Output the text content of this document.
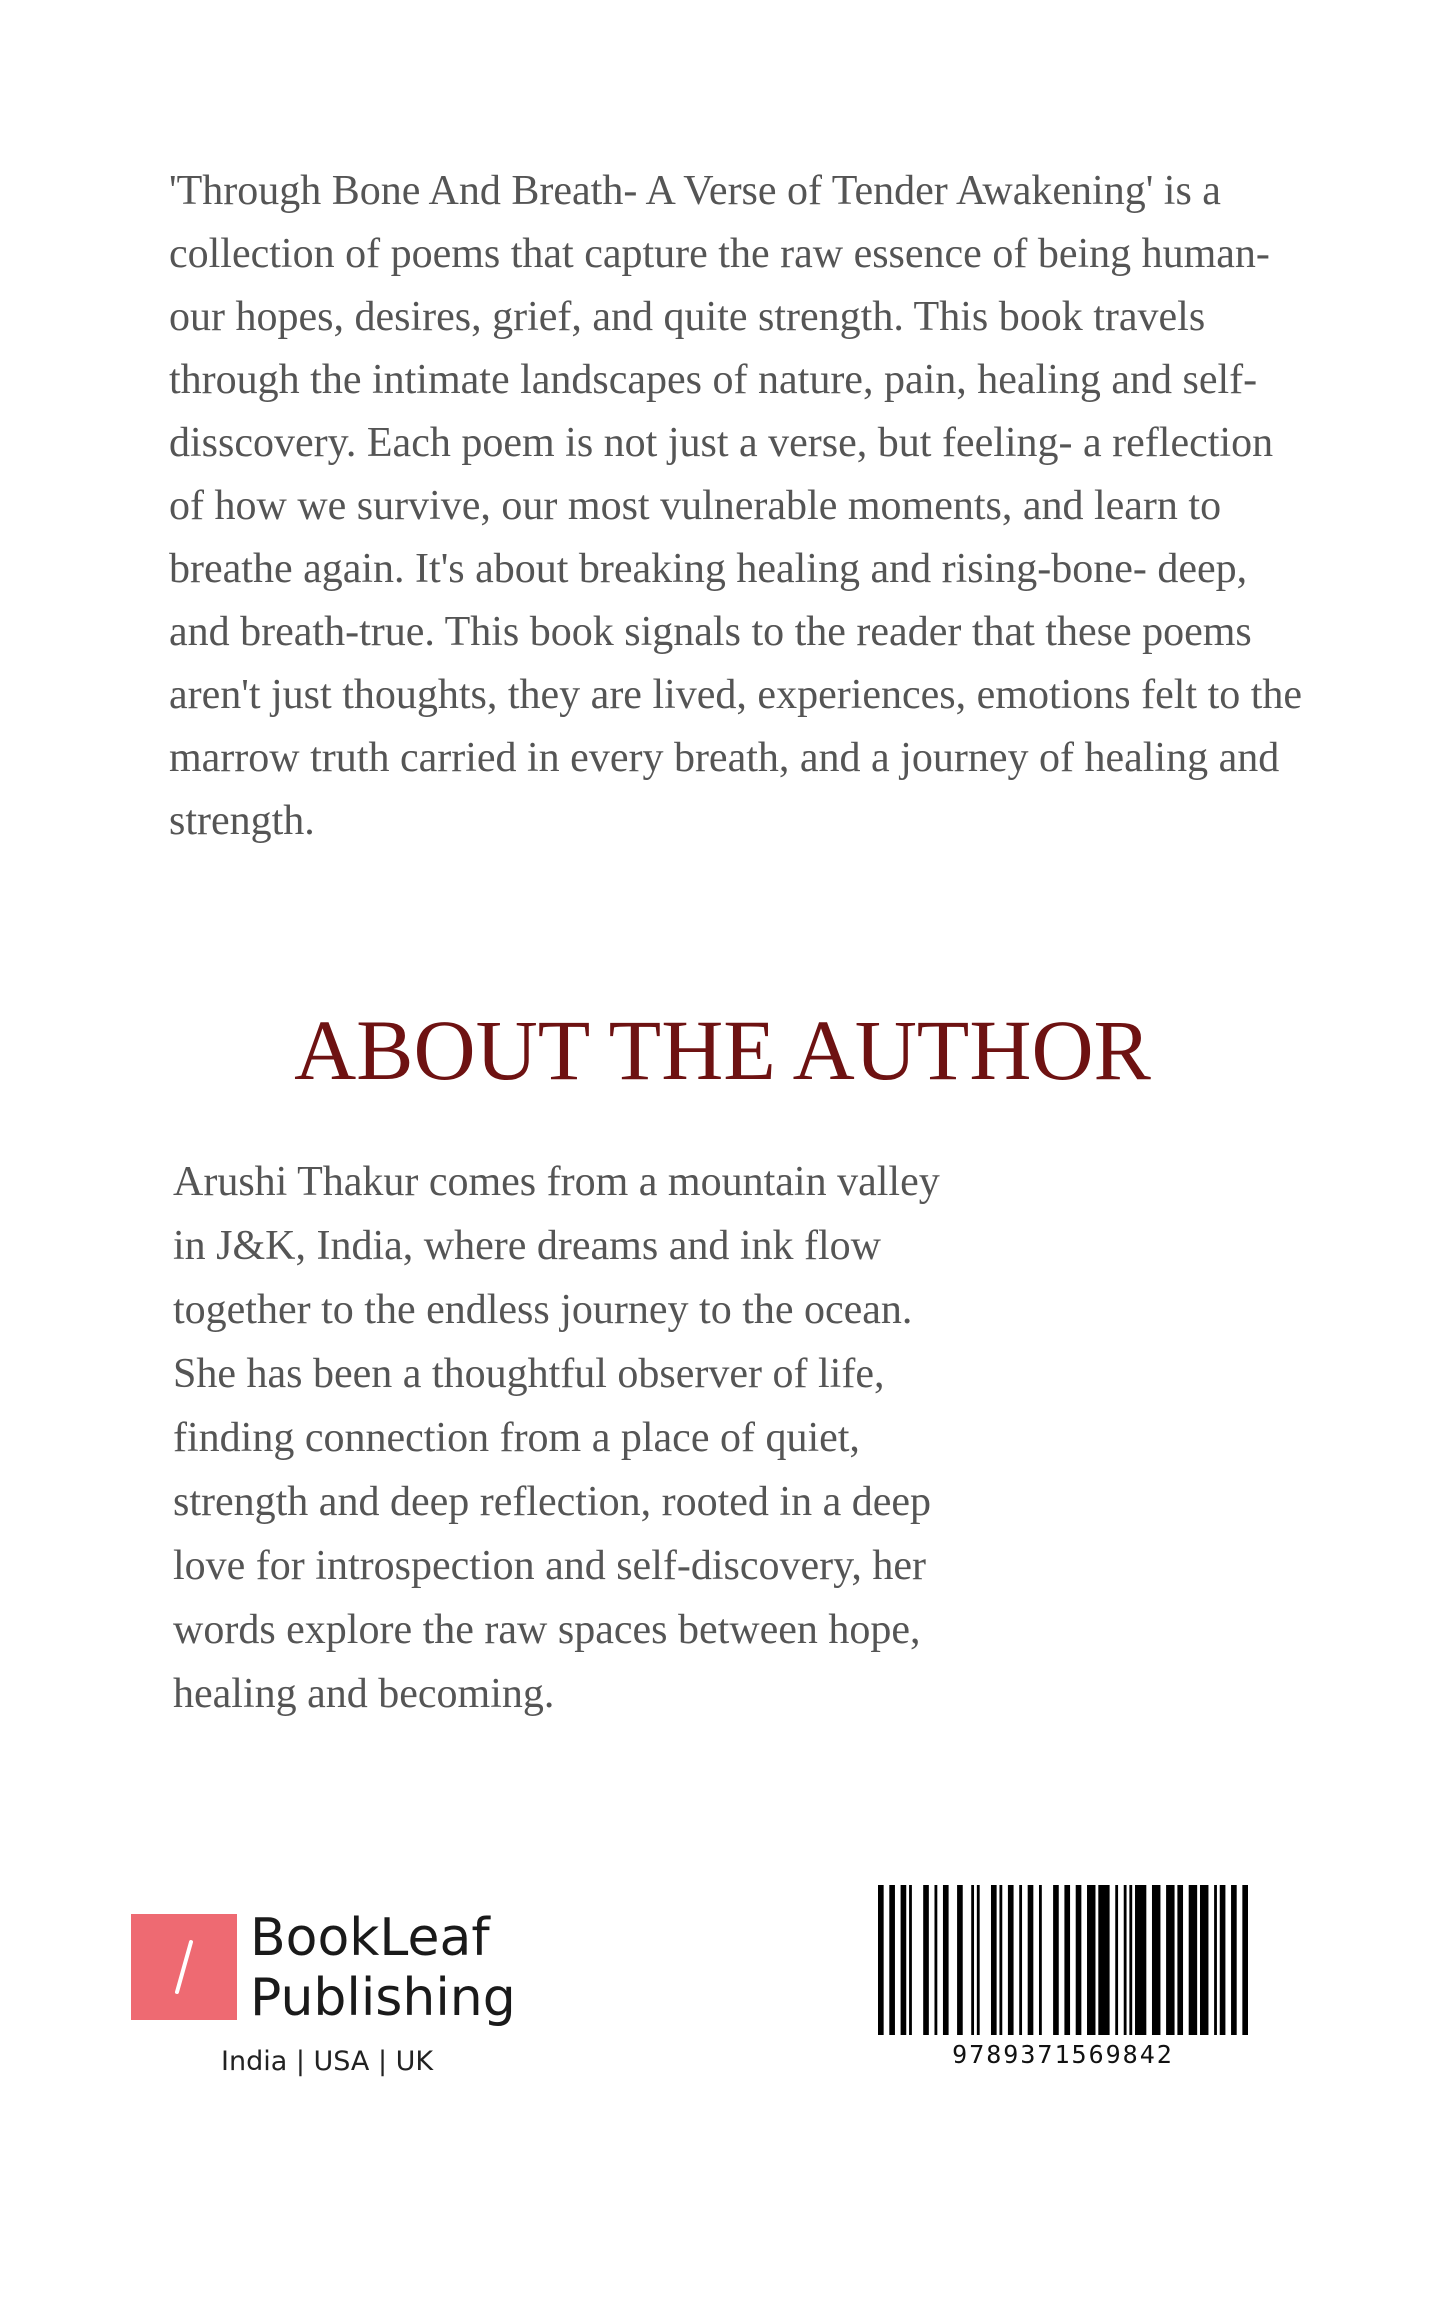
'Through Bone And Breath- A Verse of Tender Awakening' is a collection of poems that capture the raw essence of being human- our hopes, desires, grief, and quite strength. This book travels through the intimate landscapes of nature, pain, healing and self-disscovery. Each poem is not just a verse, but feeling- a reflection of how we survive, our most vulnerable moments, and learn to breathe again. It's about breaking healing and rising-bone- deep, and breath-true. This book signals to the reader that these poems aren't just thoughts, they are lived, experiences, emotions felt to the marrow truth carried in every breath, and a journey of healing and strength.

ABOUT THE AUTHOR

Arushi Thakur comes from a mountain valley in J&K, India, where dreams and ink flow together to the endless journey to the ocean. She has been a thoughtful observer of life, finding connection from a place of quiet, strength and deep reflection, rooted in a deep love for introspection and self-discovery, her words explore the raw spaces between hope, healing and becoming.

BookLeaf
Publishing

India | USA | UK	9789371569842
